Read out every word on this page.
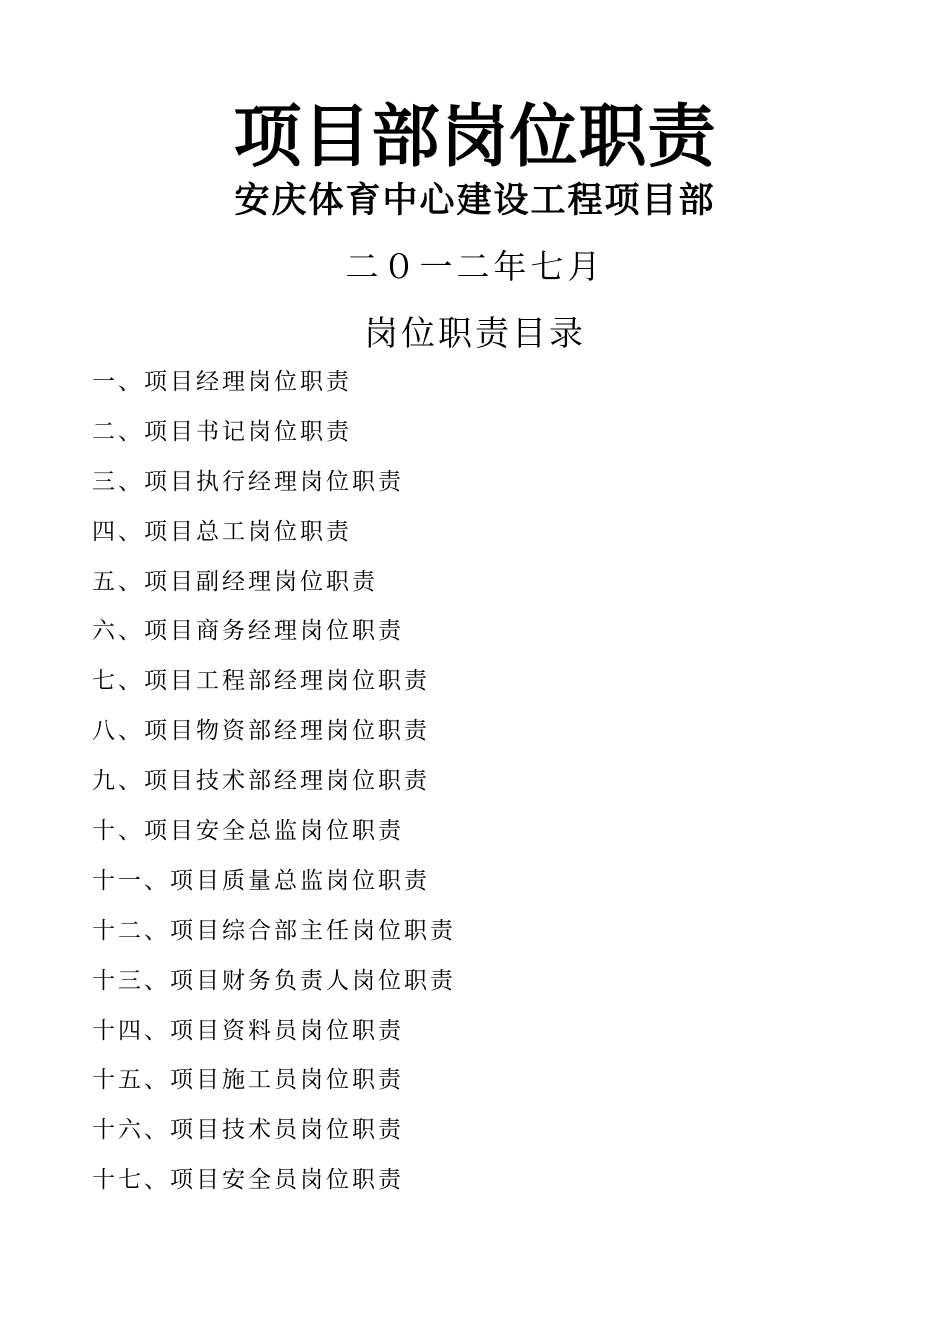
项目部岗位职责
安庆体育中心建设工程项目部
二０一二年七月
岗位职责目录
一、项目经理岗位职责
二、项目书记岗位职责
三、项目执行经理岗位职责
四、项目总工岗位职责
五、项目副经理岗位职责
六、项目商务经理岗位职责
七、项目工程部经理岗位职责
八、项目物资部经理岗位职责
九、项目技术部经理岗位职责
十、项目安全总监岗位职责
十一、项目质量总监岗位职责
十二、项目综合部主任岗位职责
十三、项目财务负责人岗位职责
十四、项目资料员岗位职责
十五、项目施工员岗位职责
十六、项目技术员岗位职责
十七、项目安全员岗位职责
